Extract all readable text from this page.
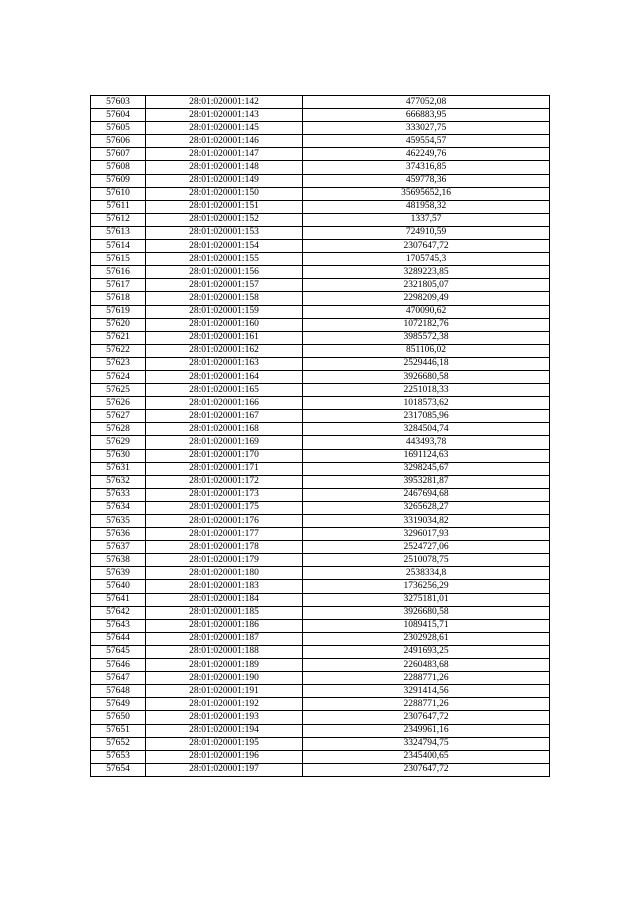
57603	28:01:020001:142	477052,08
57604	28:01:020001:143	666883,95
57605	28:01:020001:145	333027,75
57606	28:01:020001:146	459554,57
57607	28:01:020001:147	462249,76
57608	28:01:020001:148	374316,85
57609	28:01:020001:149	459778,36
57610	28:01:020001:150	35695652,16
57611	28:01:020001:151	481958,32
57612	28:01:020001:152	1337,57
57613	28:01:020001:153	724910,59
57614	28:01:020001:154	2307647,72
57615	28:01:020001:155	1705745,3
57616	28:01:020001:156	3289223,85
57617	28:01:020001:157	2321805,07
57618	28:01:020001:158	2298209,49
57619	28:01:020001:159	470090,62
57620	28:01:020001:160	1072182,76
57621	28:01:020001:161	3985572,38
57622	28:01:020001:162	851106,02
57623	28:01:020001:163	2529446,18
57624	28:01:020001:164	3926680,58
57625	28:01:020001:165	2251018,33
57626	28:01:020001:166	1018573,62
57627	28:01:020001:167	2317085,96
57628	28:01:020001:168	3284504,74
57629	28:01:020001:169	443493,78
57630	28:01:020001:170	1691124,63
57631	28:01:020001:171	3298245,67
57632	28:01:020001:172	3953281,87
57633	28:01:020001:173	2467694,68
57634	28:01:020001:175	3265628,27
57635	28:01:020001:176	3319034,82
57636	28:01:020001:177	3296017,93
57637	28:01:020001:178	2524727,06
57638	28:01:020001:179	2510078,75
57639	28:01:020001:180	2538334,8
57640	28:01:020001:183	1736256,29
57641	28:01:020001:184	3275181,01
57642	28:01:020001:185	3926680,58
57643	28:01:020001:186	1089415,71
57644	28:01:020001:187	2302928,61
57645	28:01:020001:188	2491693,25
57646	28:01:020001:189	2260483,68
57647	28:01:020001:190	2288771,26
57648	28:01:020001:191	3291414,56
57649	28:01:020001:192	2288771,26
57650	28:01:020001:193	2307647,72
57651	28:01:020001:194	2349961,16
57652	28:01:020001:195	3324794,75
57653	28:01:020001:196	2345400,65
57654	28:01:020001:197	2307647,72
